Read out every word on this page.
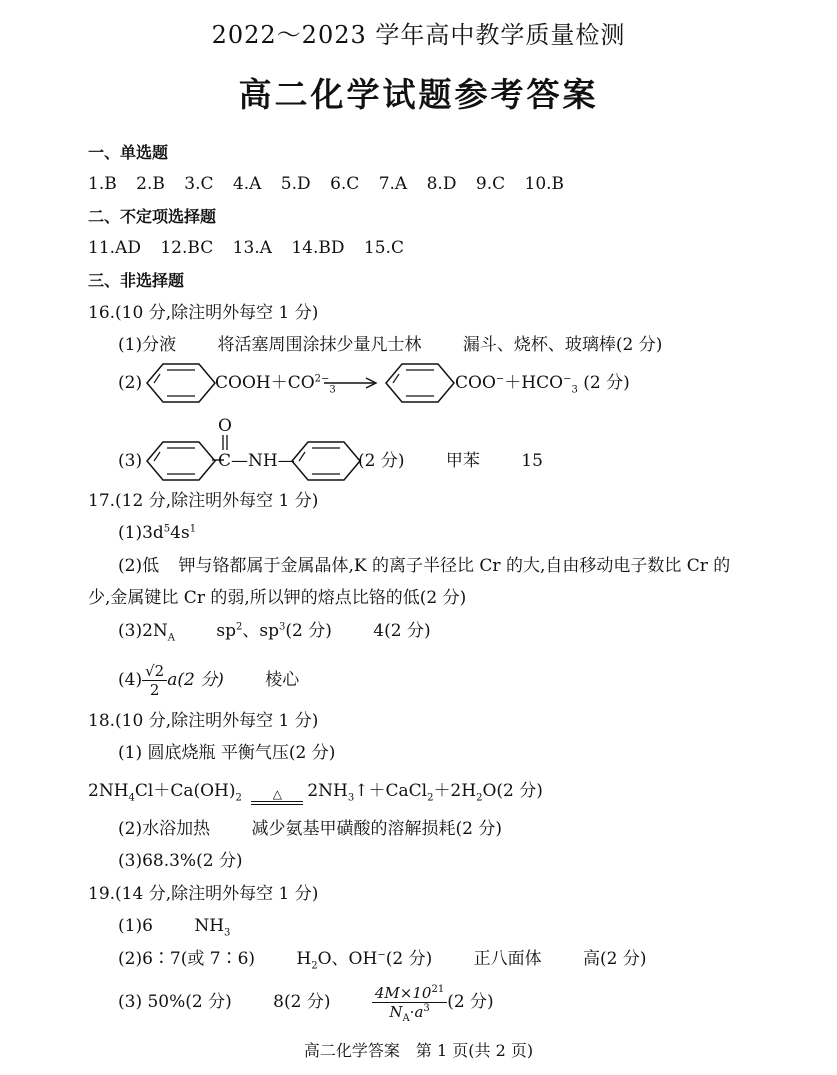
2022～2023 学年高中教学质量检测
高二化学试题参考答案
一、单选题
1.B 2.B 3.C 4.A 5.D 6.C 7.A 8.D 9.C 10.B
二、不定项选择题
11.AD 12.BC 13.A 14.BD 15.C
三、非选择题
16.(10 分,除注明外每空 1 分)
(1)分液 将活塞周围涂抹少量凡士林 漏斗、烧杯、玻璃棒(2 分)
(2)	$COOH+CO^{2-}_3$	$COO^-+HCO^-_3$ (2 分)
(3)
O
C—NH—	(2 分) 甲苯 15
17.(12 分,除注明外每空 1 分)
$(1)3d^54s^1$
(2)低 钾与铬都属于金属晶体,K 的离子半径比 Cr 的大,自由移动电子数比 Cr 的
少,金属键比 Cr 的弱,所以钾的熔点比铬的低(2 分)
$(3)2N_A$ $sp^2$、$sp^3(2$ 分) 4(2 分)
$(4) \frac{√2}{2} a(2$ 分) 棱心
18.(10 分,除注明外每空 1 分)
(1) 圆底烧瓶 平衡气压(2 分)
$2NH_4Cl+Ca(OH)_2$	△	$2NH_3↑+CaCl_2+2H_2O(2$ 分)
(2)水浴加热 减少氨基甲磺酸的溶解损耗(2 分)
(3)68.3%(2 分)
19.(14 分,除注明外每空 1 分)
(1)6 $NH_3$
(2)6∶7(或 7∶6) $H_2O$、OH−(2 分) 正八面体 高(2 分)
(3) 50%(2 分) 8(2 分)	$\frac{4M\times 10^{21}}{N_A\cdot a^3} (2$ 分)
高二化学答案　第 1 页(共 2 页)
